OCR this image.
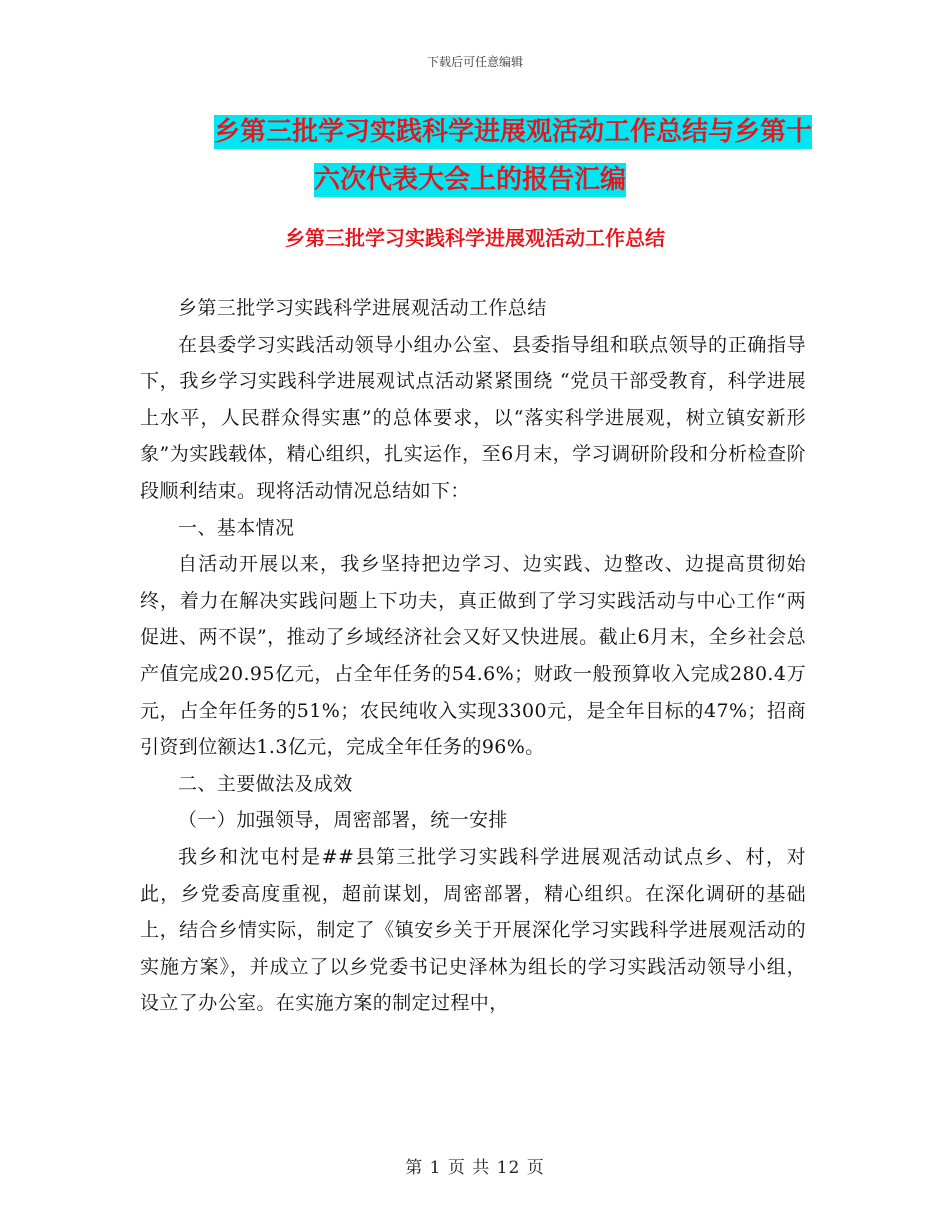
下载后可任意编辑
乡第三批学习实践科学进展观活动工作总结与乡第十
六次代表大会上的报告汇编
乡第三批学习实践科学进展观活动工作总结

乡第三批学习实践科学进展观活动工作总结

在县委学习实践活动领导小组办公室、县委指导组和联点领导的正确指导下，我乡学习实践科学进展观试点活动紧紧围绕 “党员干部受教育，科学进展上水平，人民群众得实惠”的总体要求，以“落实科学进展观，树立镇安新形象”为实践载体，精心组织，扎实运作，至6月末，学习调研阶段和分析检查阶段顺利结束。现将活动情况总结如下：

一、基本情况

自活动开展以来，我乡坚持把边学习、边实践、边整改、边提高贯彻始终，着力在解决实践问题上下功夫，真正做到了学习实践活动与中心工作“两促进、两不误”，推动了乡域经济社会又好又快进展。截止6月末，全乡社会总产值完成20.95亿元，占全年任务的54.6%；财政一般预算收入完成280.4万元，占全年任务的51%；农民纯收入实现3300元，是全年目标的47%；招商引资到位额达1.3亿元，完成全年任务的96%。

二、主要做法及成效

（一）加强领导，周密部署，统一安排

我乡和沈屯村是##县第三批学习实践科学进展观活动试点乡、村，对此，乡党委高度重视，超前谋划，周密部署，精心组织。在深化调研的基础上，结合乡情实际，制定了《镇安乡关于开展深化学习实践科学进展观活动的实施方案》，并成立了以乡党委书记史泽林为组长的学习实践活动领导小组，设立了办公室。在实施方案的制定过程中，

第 1 页 共 12 页
